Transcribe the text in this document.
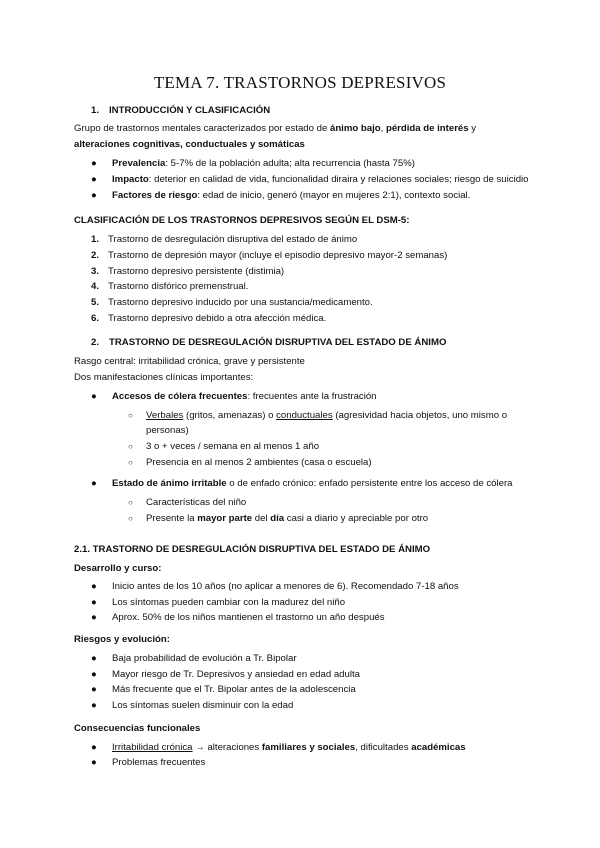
TEMA 7. TRASTORNOS DEPRESIVOS
1. INTRODUCCIÓN Y CLASIFICACIÓN
Grupo de trastornos mentales caracterizados por estado de ánimo bajo, pérdida de interés y
alteraciones cognitivas, conductuales y somáticas
● Prevalencia: 5-7% de la población adulta; alta recurrencia (hasta 75%)
● Impacto: deterior en calidad de vida, funcionalidad diraira y relaciones sociales; riesgo de suicidio
● Factores de riesgo: edad de inicio, generó (mayor en mujeres 2:1), contexto social.
CLASIFICACIÓN DE LOS TRASTORNOS DEPRESIVOS SEGÚN EL DSM-5:
1. Trastorno de desregulación disruptiva del estado de ánimo
2. Trastorno de depresión mayor (incluye el episodio depresivo mayor-2 semanas)
3. Trastorno depresivo persistente (distimia)
4. Trastorno disfórico premenstrual.
5. Trastorno depresivo inducido por una sustancia/medicamento.
6. Trastorno depresivo debido a otra afección médica.
2. TRASTORNO DE DESREGULACIÓN DISRUPTIVA DEL ESTADO DE ÁNIMO
Rasgo central: irritabilidad crónica, grave y persistente
Dos manifestaciones clínicas importantes:
● Accesos de cólera frecuentes: frecuentes ante la frustración
○ Verbales (gritos, amenazas) o conductuales (agresividad hacia objetos, uno mismo o
personas)
○ 3 o + veces / semana en al menos 1 año
○ Presencia en al menos 2 ambientes (casa o escuela)
● Estado de ánimo irritable o de enfado crónico: enfado persistente entre los acceso de cólera
○ Características del niño
○ Presente la mayor parte del día casi a diario y apreciable por otro
2.1. TRASTORNO DE DESREGULACIÓN DISRUPTIVA DEL ESTADO DE ÁNIMO
Desarrollo y curso:
● Inicio antes de los 10 años (no aplicar a menores de 6). Recomendado 7-18 años
● Los síntomas pueden cambiar con la madurez del niño
● Aprox. 50% de los niños mantienen el trastorno un año después
Riesgos y evolución:
● Baja probabilidad de evolución a Tr. Bipolar
● Mayor riesgo de Tr. Depresivos y ansiedad en edad adulta
● Más frecuente que el Tr. Bipolar antes de la adolescencia
● Los síntomas suelen disminuir con la edad
Consecuencias funcionales
● Irritabilidad crónica → alteraciones familiares y sociales, dificultades académicas
● Problemas frecuentes
